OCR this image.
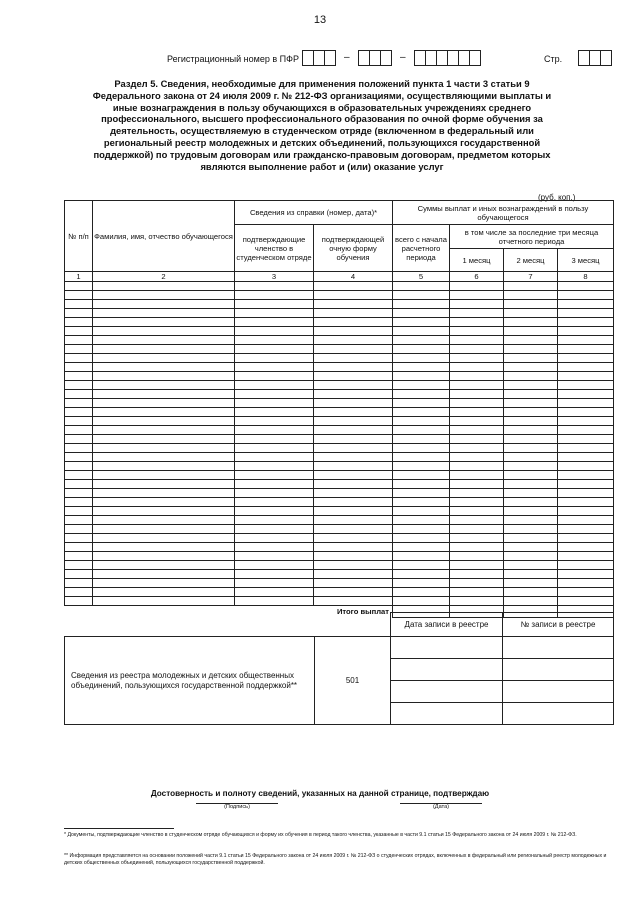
13
Регистрационный номер в ПФР	–	–	Стр.
Раздел 5. Сведения, необходимые для применения положений пункта 1 части 3 статьи 9 Федерального закона от 24 июля 2009 г. № 212-ФЗ организациями, осуществляющими выплаты и иные вознаграждения в пользу обучающихся в образовательных учреждениях среднего профессионального, высшего профессионального образования по очной форме обучения за деятельность, осуществляемую в студенческом отряде (включенном в федеральный или региональный реестр молодежных и детских объединений, пользующихся государственной поддержкой) по трудовым договорам или гражданско-правовым договорам, предметом которых являются выполнение работ и (или) оказание услуг
(руб. коп.)
№ п/п	Фамилия, имя, отчество обучающегося	Сведения из справки (номер, дата)*		Суммы выплат и иных вознаграждений в пользу обучающегося			
		подтверждающие членство в студенческом отряде	подтверждающей очную форму обучения	всего с начала расчетного периода	в том числе за последние три месяца отчетного периода		
					1 месяц	2 месяц	3 месяц
1	2	3	4	5	6	7	8

			Итого выплат				
		Дата записи в реестре	№ записи в реестре
Сведения из реестра молодежных и детских общественных объединений, пользующихся государственной поддержкой**	501		

Достоверность и полноту сведений, указанных на данной странице, подтверждаю
(Подпись)	(Дата)
* Документы, подтверждающие членство в студенческом отряде обучающихся и форму их обучения в период такого членства, указанные в части 9.1 статьи 15 Федерального закона от 24 июля 2009 г. № 212-ФЗ.
** Информация представляется на основании положений части 9.1 статьи 15 Федерального закона от 24 июля 2009 г. № 212-ФЗ о студенческих отрядах, включенных в федеральный или региональный реестр молодежных и детских общественных объединений, пользующихся государственной поддержкой.
